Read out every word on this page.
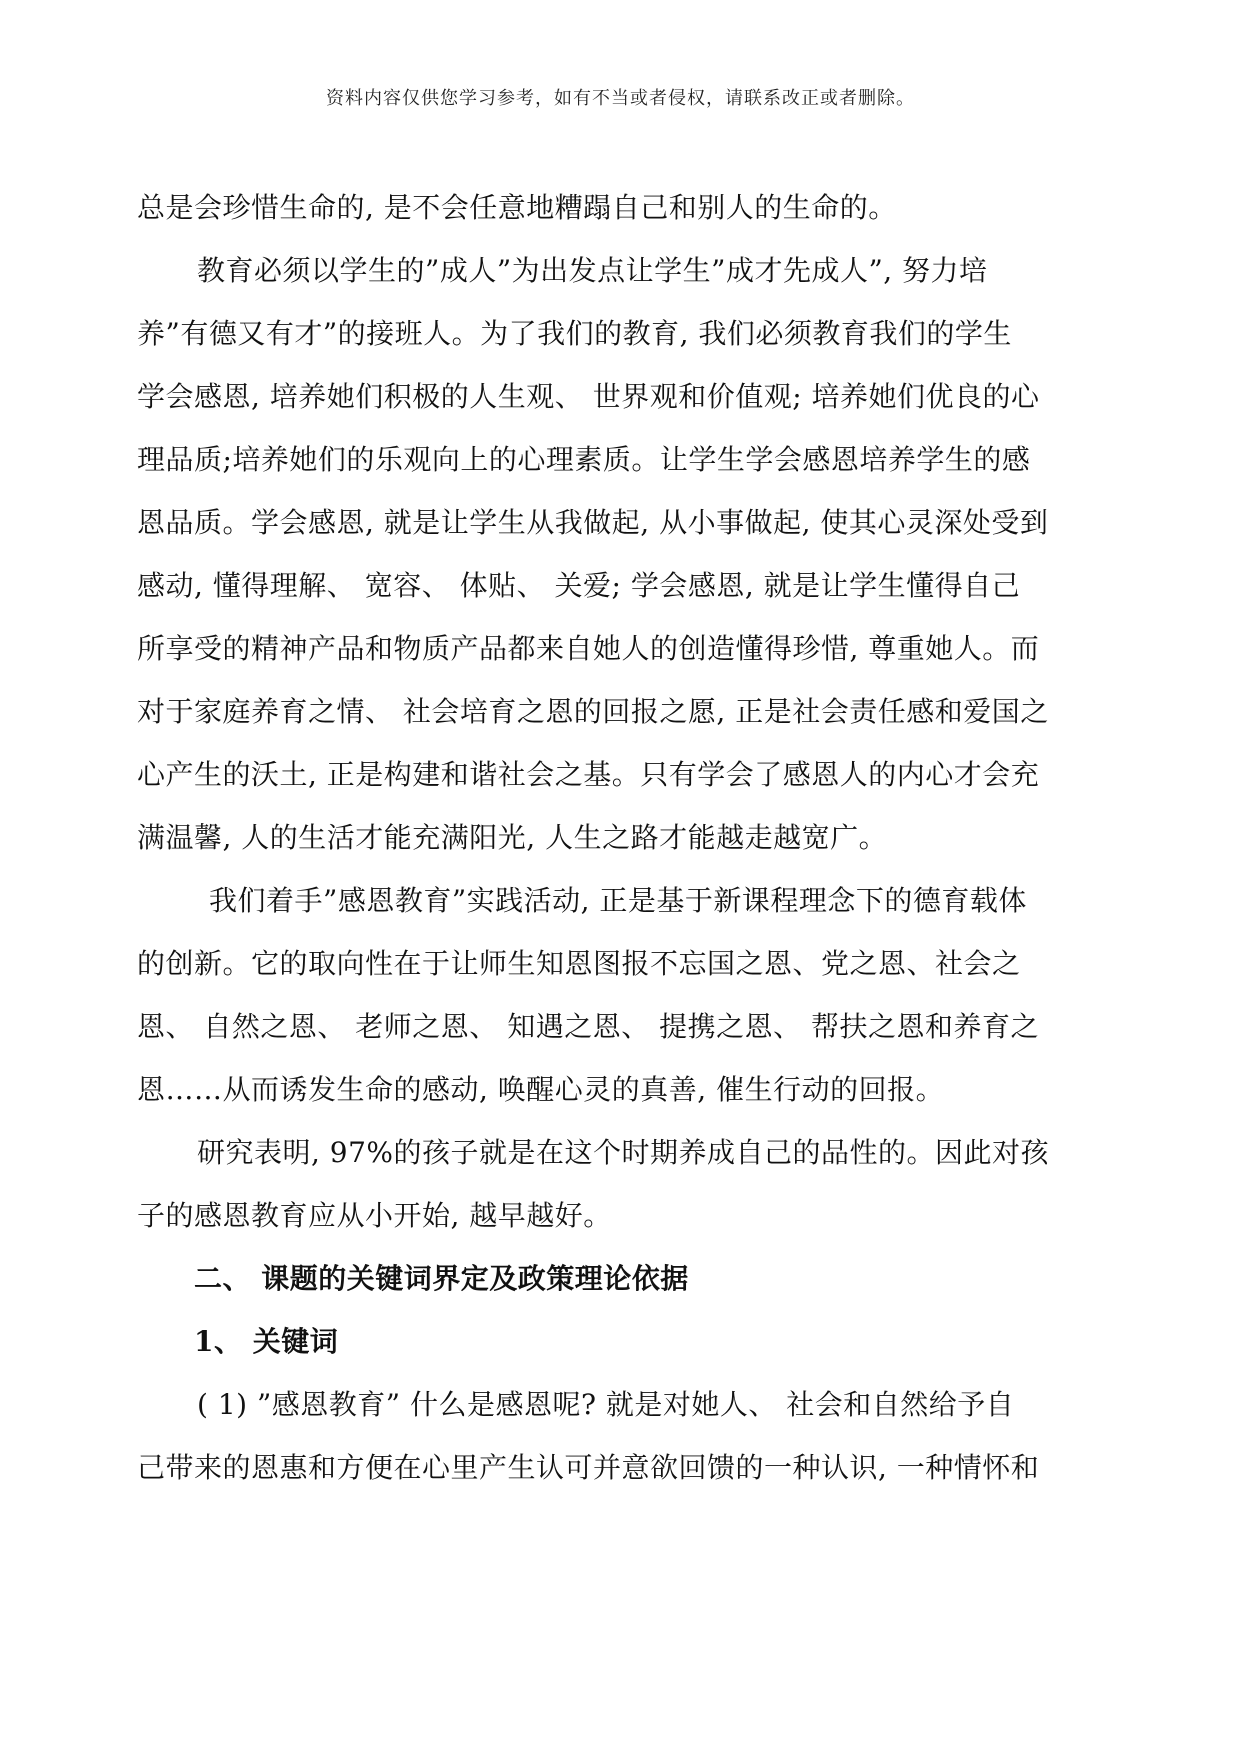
资料内容仅供您学习参考，如有不当或者侵权，请联系改正或者删除。
总是会珍惜生命的, 是不会任意地糟蹋自己和别人的生命的。
教育必须以学生的”成人”为出发点让学生”成才先成人”, 努力培
养”有德又有才”的接班人。为了我们的教育, 我们必须教育我们的学生
学会感恩, 培养她们积极的人生观、 世界观和价值观; 培养她们优良的心
理品质;培养她们的乐观向上的心理素质。让学生学会感恩培养学生的感
恩品质。学会感恩, 就是让学生从我做起, 从小事做起, 使其心灵深处受到
感动, 懂得理解、 宽容、 体贴、 关爱; 学会感恩, 就是让学生懂得自己
所享受的精神产品和物质产品都来自她人的创造懂得珍惜, 尊重她人。而
对于家庭养育之情、 社会培育之恩的回报之愿, 正是社会责任感和爱国之
心产生的沃土, 正是构建和谐社会之基。只有学会了感恩人的内心才会充
满温馨, 人的生活才能充满阳光, 人生之路才能越走越宽广。
我们着手”感恩教育”实践活动, 正是基于新课程理念下的德育载体
的创新。它的取向性在于让师生知恩图报不忘国之恩、党之恩、社会之
恩、 自然之恩、 老师之恩、 知遇之恩、 提携之恩、 帮扶之恩和养育之
恩……从而诱发生命的感动, 唤醒心灵的真善, 催生行动的回报。
研究表明, 97%的孩子就是在这个时期养成自己的品性的。因此对孩
子的感恩教育应从小开始, 越早越好。
二、 课题的关键词界定及政策理论依据
1、 关键词
( 1) ”感恩教育” 什么是感恩呢? 就是对她人、 社会和自然给予自
己带来的恩惠和方便在心里产生认可并意欲回馈的一种认识, 一种情怀和
